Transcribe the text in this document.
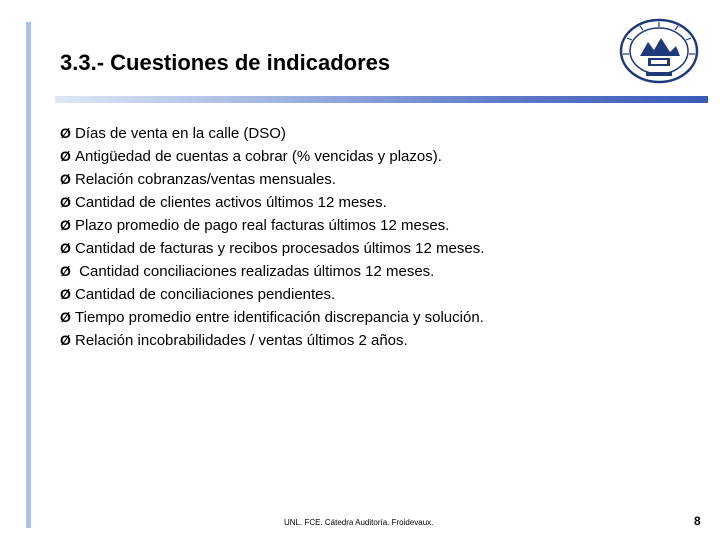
3.3.- Cuestiones de indicadores
Ø Días de venta en la calle (DSO)
Ø Antigüedad de cuentas a cobrar (% vencidas y plazos).
Ø Relación cobranzas/ventas mensuales.
Ø Cantidad de clientes activos últimos 12 meses.
Ø Plazo promedio de pago real facturas últimos 12 meses.
Ø Cantidad de facturas y recibos procesados últimos 12 meses.
Ø Cantidad conciliaciones realizadas últimos 12 meses.
Ø Cantidad de conciliaciones pendientes.
Ø Tiempo promedio entre identificación discrepancia y solución.
Ø Relación incobrabilidades / ventas últimos 2 años.
UNL. FCE. Cátedra Auditoría. Froidevaux.	8
